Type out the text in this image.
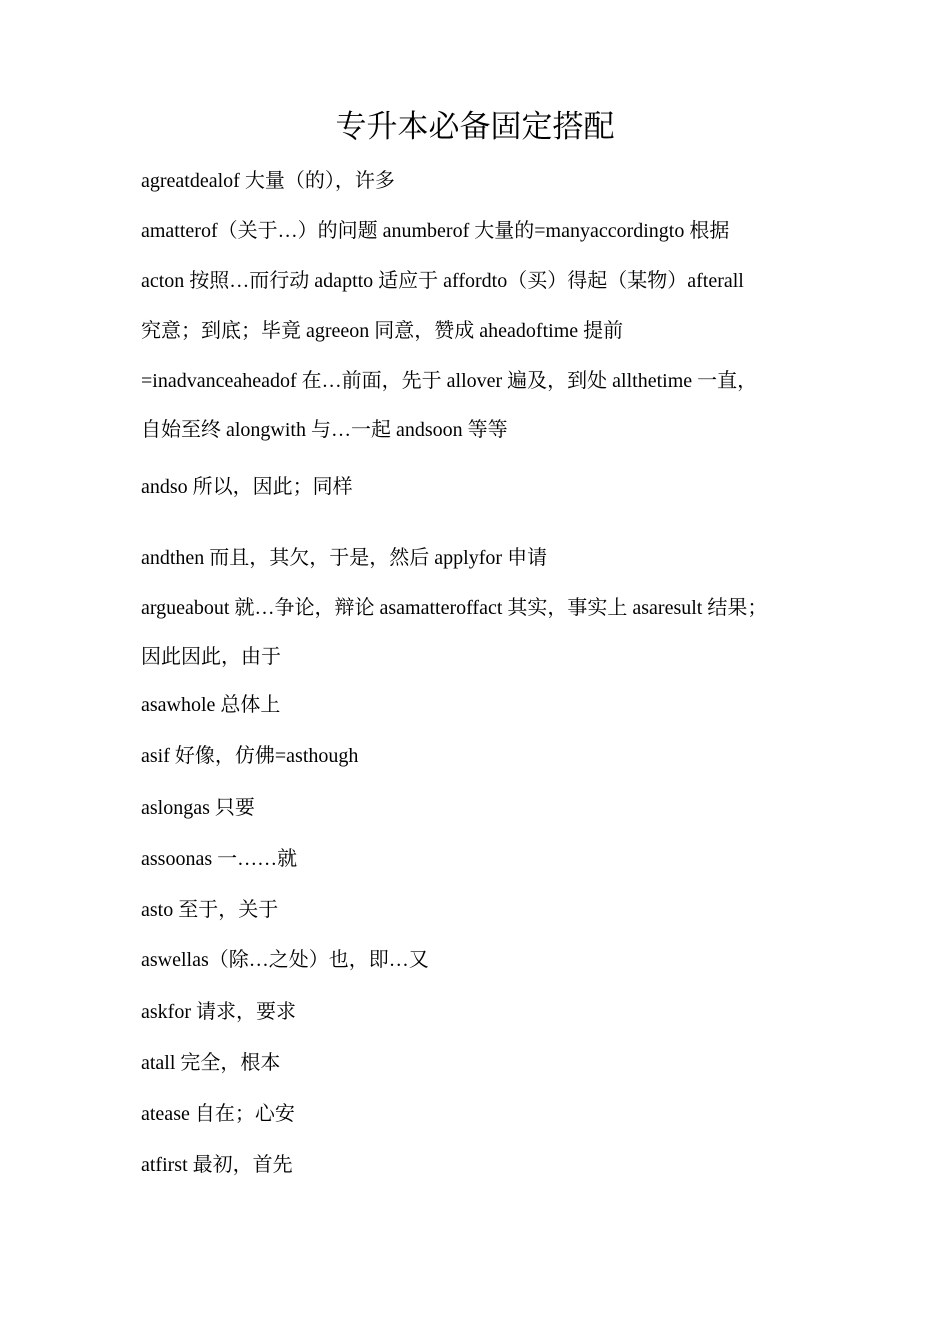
专升本必备固定搭配

agreatdealof 大量（的），许多

amatterof（关于…）的问题 anumberof 大量的=manyaccordingto 根据

acton 按照…而行动 adaptto 适应于 affordto（买）得起（某物）afterall

究意；到底；毕竟 agreeon 同意，赞成 aheadoftime 提前

=inadvanceaheadof 在…前面，先于 allover 遍及，到处 allthetime 一直，

自始至终 alongwith 与…一起 andsoon 等等

andso 所以，因此；同样

andthen 而且，其欠，于是，然后 applyfor 申请

argueabout 就…争论，辩论 asamatteroffact 其实，事实上 asaresult 结果；

因此因此，由于

asawhole 总体上

asif 好像，仿佛=asthough

aslongas 只要

assoonas 一……就

asto 至于，关于

aswellas（除…之处）也，即…又

askfor 请求，要求

atall 完全，根本

atease 自在；心安

atfirst 最初，首先
